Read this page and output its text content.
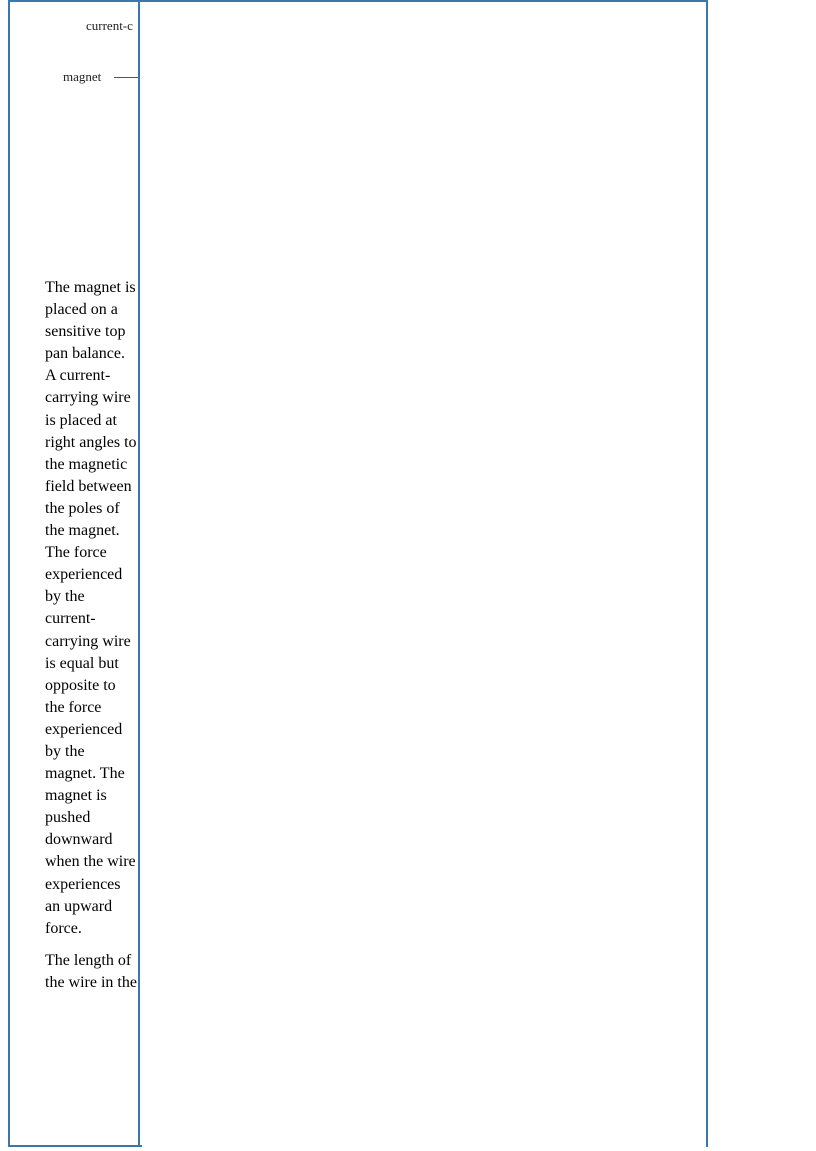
current-c
magnet

The magnet is placed on a sensitive top pan balance. A current-carrying wire is placed at right angles to the magnetic field between the poles of the magnet. The force experienced by the current-carrying wire is equal but opposite to the force experienced by the magnet. The magnet is pushed downward when the wire experiences an upward force.

The length of the wire in the
